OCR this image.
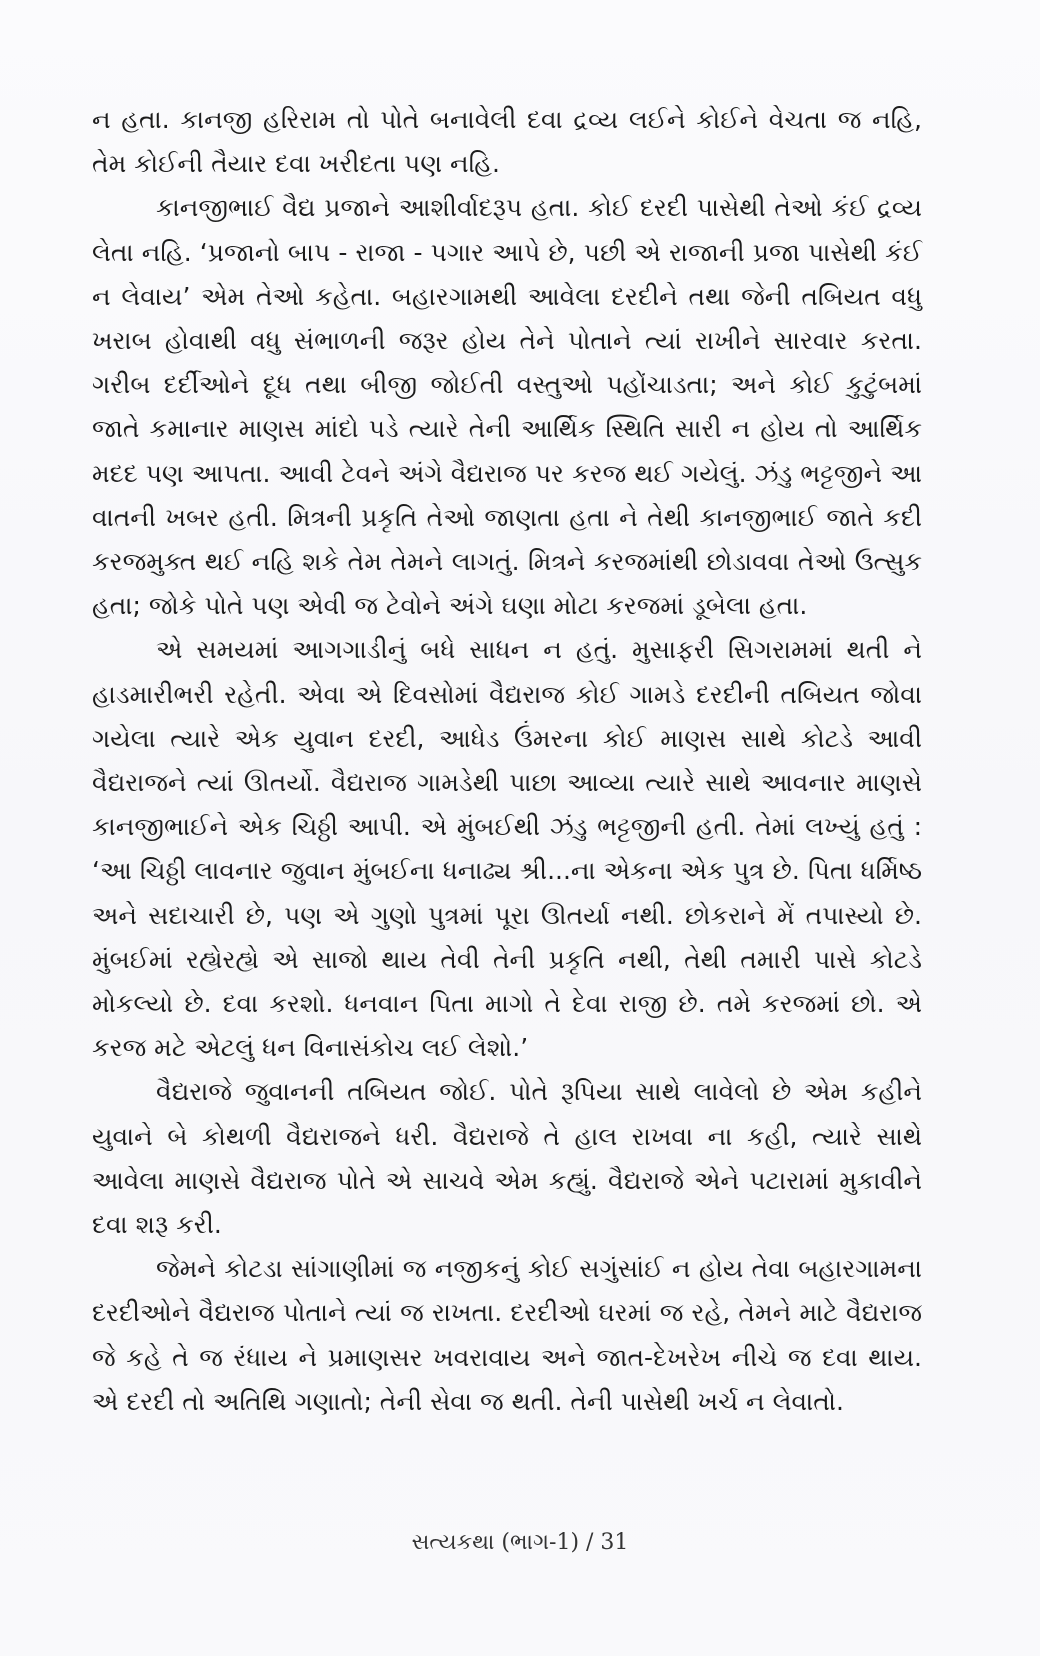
ન હતા. કાનજી હરિરામ તો પોતે બનાવેલી દવા દ્રવ્ય લઈને કોઈને વેચતા જ નહિ, તેમ કોઈની તૈયાર દવા ખરીદતા પણ નહિ.

કાનજીભાઈ વૈદ્ય પ્રજાને આશીર્વાદરૂપ હતા. કોઈ દરદી પાસેથી તેઓ કંઈ દ્રવ્ય લેતા નહિ. ‘પ્રજાનો બાપ - રાજા - પગાર આપે છે, પછી એ રાજાની પ્રજા પાસેથી કંઈ ન લેવાય’ એમ તેઓ કહેતા. બહારગામથી આવેલા દરદીને તથા જેની તબિયત વધુ ખરાબ હોવાથી વધુ સંભાળની જરૂર હોય તેને પોતાને ત્યાં રાખીને સારવાર કરતા. ગરીબ દર્દીઓને દૂધ તથા બીજી જોઈતી વસ્તુઓ પહોંચાડતા; અને કોઈ કુટુંબમાં જાતે કમાનાર માણસ માંદો પડે ત્યારે તેની આર્થિક સ્થિતિ સારી ન હોય તો આર્થિક મદદ પણ આપતા. આવી ટેવને અંગે વૈદ્યરાજ પર કરજ થઈ ગયેલું. ઝંડુ ભટ્ટજીને આ વાતની ખબર હતી. મિત્રની પ્રકૃતિ તેઓ જાણતા હતા ને તેથી કાનજીભાઈ જાતે કદી કરજમુક્ત થઈ નહિ શકે તેમ તેમને લાગતું. મિત્રને કરજમાંથી છોડાવવા તેઓ ઉત્સુક હતા; જોકે પોતે પણ એવી જ ટેવોને અંગે ઘણા મોટા કરજમાં ડૂબેલા હતા.

એ સમયમાં આગગાડીનું બધે સાધન ન હતું. મુસાફરી સિગરામમાં થતી ને હાડમારીભરી રહેતી. એવા એ દિવસોમાં વૈદ્યરાજ કોઈ ગામડે દરદીની તબિયત જોવા ગયેલા ત્યારે એક યુવાન દરદી, આધેડ ઉંમરના કોઈ માણસ સાથે કોટડે આવી વૈદ્યરાજને ત્યાં ઊતર્યો. વૈદ્યરાજ ગામડેથી પાછા આવ્યા ત્યારે સાથે આવનાર માણસે કાનજીભાઈને એક ચિઠ્ઠી આપી. એ મુંબઈથી ઝંડુ ભટ્ટજીની હતી. તેમાં લખ્યું હતું : ‘આ ચિઠ્ઠી લાવનાર જુવાન મુંબઈના ધનાઢ્ય શ્રી...ના એકના એક પુત્ર છે. પિતા ધર્મિષ્ઠ અને સદાચારી છે, પણ એ ગુણો પુત્રમાં પૂરા ઊતર્યા નથી. છોકરાને મેં તપાસ્યો છે. મુંબઈમાં રહ્યેરહ્યે એ સાજો થાય તેવી તેની પ્રકૃતિ નથી, તેથી તમારી પાસે કોટડે મોકલ્યો છે. દવા કરશો. ધનવાન પિતા માગો તે દેવા રાજી છે. તમે કરજમાં છો. એ કરજ મટે એટલું ધન વિનાસંકોચ લઈ લેશો.’

વૈદ્યરાજે જુવાનની તબિયત જોઈ. પોતે રૂપિયા સાથે લાવેલો છે એમ કહીને યુવાને બે કોથળી વૈદ્યરાજને ધરી. વૈદ્યરાજે તે હાલ રાખવા ના કહી, ત્યારે સાથે આવેલા માણસે વૈદ્યરાજ પોતે એ સાચવે એમ કહ્યું. વૈદ્યરાજે એને પટારામાં મુકાવીને દવા શરૂ કરી.

જેમને કોટડા સાંગાણીમાં જ નજીકનું કોઈ સગુંસાંઈ ન હોય તેવા બહારગામના દરદીઓને વૈદ્યરાજ પોતાને ત્યાં જ રાખતા. દરદીઓ ઘરમાં જ રહે, તેમને માટે વૈદ્યરાજ જે કહે તે જ રંધાય ને પ્રમાણસર ખવરાવાય અને જાત-દેખરેખ નીચે જ દવા થાય. એ દરદી તો અતિથિ ગણાતો; તેની સેવા જ થતી. તેની પાસેથી ખર્ચ ન લેવાતો.

સત્યકથા (ભાગ-1) / 31
